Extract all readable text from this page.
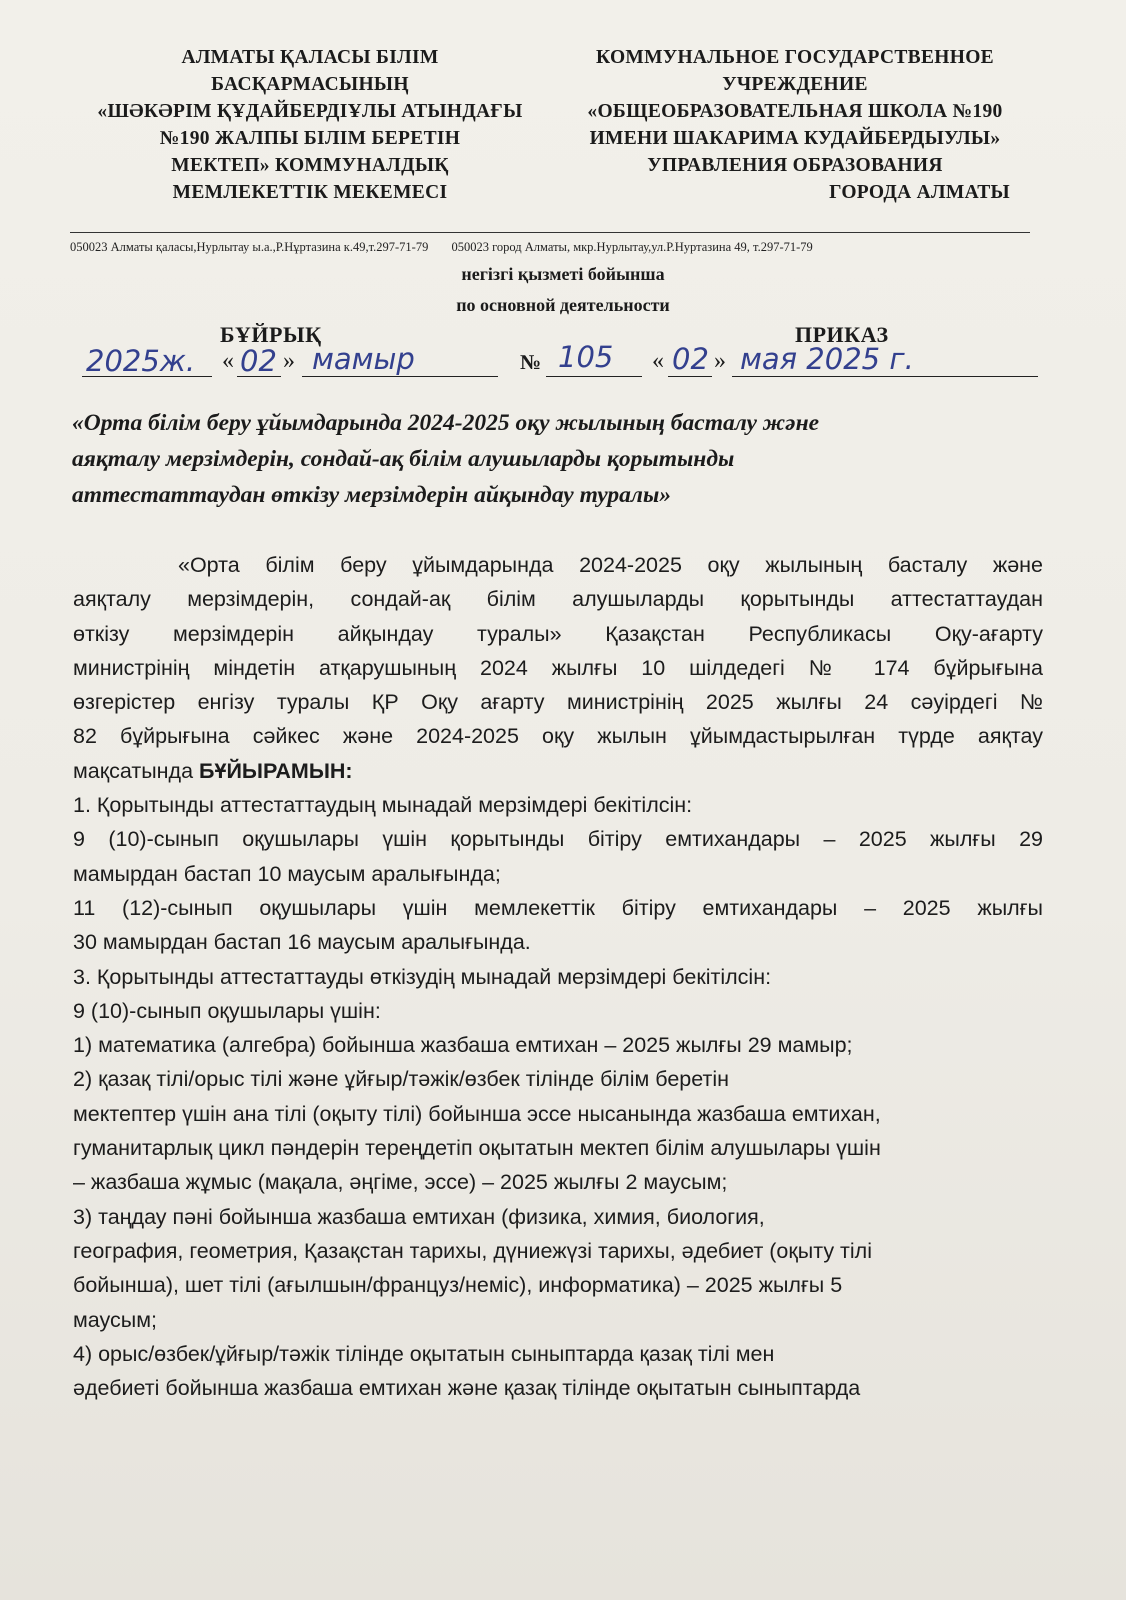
АЛМАТЫ ҚАЛАСЫ БІЛІМ
БАСҚАРМАСЫНЫҢ
«ШӘКӘРІМ ҚҰДАЙБЕРДІҰЛЫ АТЫНДАҒЫ
№190 ЖАЛПЫ БІЛІМ БЕРЕТІН
МЕКТЕП» КОММУНАЛДЫҚ
МЕМЛЕКЕТТІК МЕКЕМЕСІ
КОММУНАЛЬНОЕ ГОСУДАРСТВЕННОЕ
УЧРЕЖДЕНИЕ
«ОБЩЕОБРАЗОВАТЕЛЬНАЯ ШКОЛА №190
ИМЕНИ ШАКАРИМА КУДАЙБЕРДЫУЛЫ»
УПРАВЛЕНИЯ ОБРАЗОВАНИЯ
ГОРОДА АЛМАТЫ
050023 Алматы қаласы,Нурлытау ы.а.,Р.Нұртазина к.49,т.297-71-79 050023 город Алматы, мкр.Нурлытау,ул.Р.Нуртазина 49, т.297-71-79
негізгі қызметі бойынша
по основной деятельности
БҰЙРЫҚ	ПРИКАЗ
2025ж. « 02 » мамыр	№ 105 « 02 » мая 2025 г.
«Орта білім беру ұйымдарында 2024-2025 оқу жылының басталу және
аяқталу мерзімдерін, сондай-ақ білім алушыларды қорытынды
аттестаттаудан өткізу мерзімдерін айқындау туралы»
«Орта білім беру ұйымдарында 2024-2025 оқу жылының басталу және
аяқталу мерзімдерін, сондай-ақ білім алушыларды қорытынды аттестаттаудан
өткізу мерзімдерін айқындау туралы» Қазақстан Республикасы Оқу-ағарту
министрінің міндетін атқарушының 2024 жылғы 10 шілдедегі № 174 бұйрығына
өзгерістер енгізу туралы ҚР Оқу ағарту министрінің 2025 жылғы 24 сәуірдегі №
82 бұйрығына сәйкес және 2024-2025 оқу жылын ұйымдастырылған түрде аяқтау
мақсатында БҰЙЫРАМЫН:
1. Қорытынды аттестаттаудың мынадай мерзімдері бекітілсін:
9 (10)-сынып оқушылары үшін қорытынды бітіру емтихандары – 2025 жылғы 29
мамырдан бастап 10 маусым аралығында;
11 (12)-сынып оқушылары үшін мемлекеттік бітіру емтихандары – 2025 жылғы
30 мамырдан бастап 16 маусым аралығында.
3. Қорытынды аттестаттауды өткізудің мынадай мерзімдері бекітілсін:
9 (10)-сынып оқушылары үшін:
1) математика (алгебра) бойынша жазбаша емтихан – 2025 жылғы 29 мамыр;
2) қазақ тілі/орыс тілі және ұйғыр/тәжік/өзбек тілінде білім беретін
мектептер үшін ана тілі (оқыту тілі) бойынша эссе нысанында жазбаша емтихан,
гуманитарлық цикл пәндерін тереңдетіп оқытатын мектеп білім алушылары үшін
– жазбаша жұмыс (мақала, әңгіме, эссе) – 2025 жылғы 2 маусым;
3) таңдау пәні бойынша жазбаша емтихан (физика, химия, биология,
география, геометрия, Қазақстан тарихы, дүниежүзі тарихы, әдебиет (оқыту тілі
бойынша), шет тілі (ағылшын/француз/неміс), информатика) – 2025 жылғы 5
маусым;
4) орыс/өзбек/ұйғыр/тәжік тілінде оқытатын сыныптарда қазақ тілі мен
әдебиеті бойынша жазбаша емтихан және қазақ тілінде оқытатын сыныптарда
